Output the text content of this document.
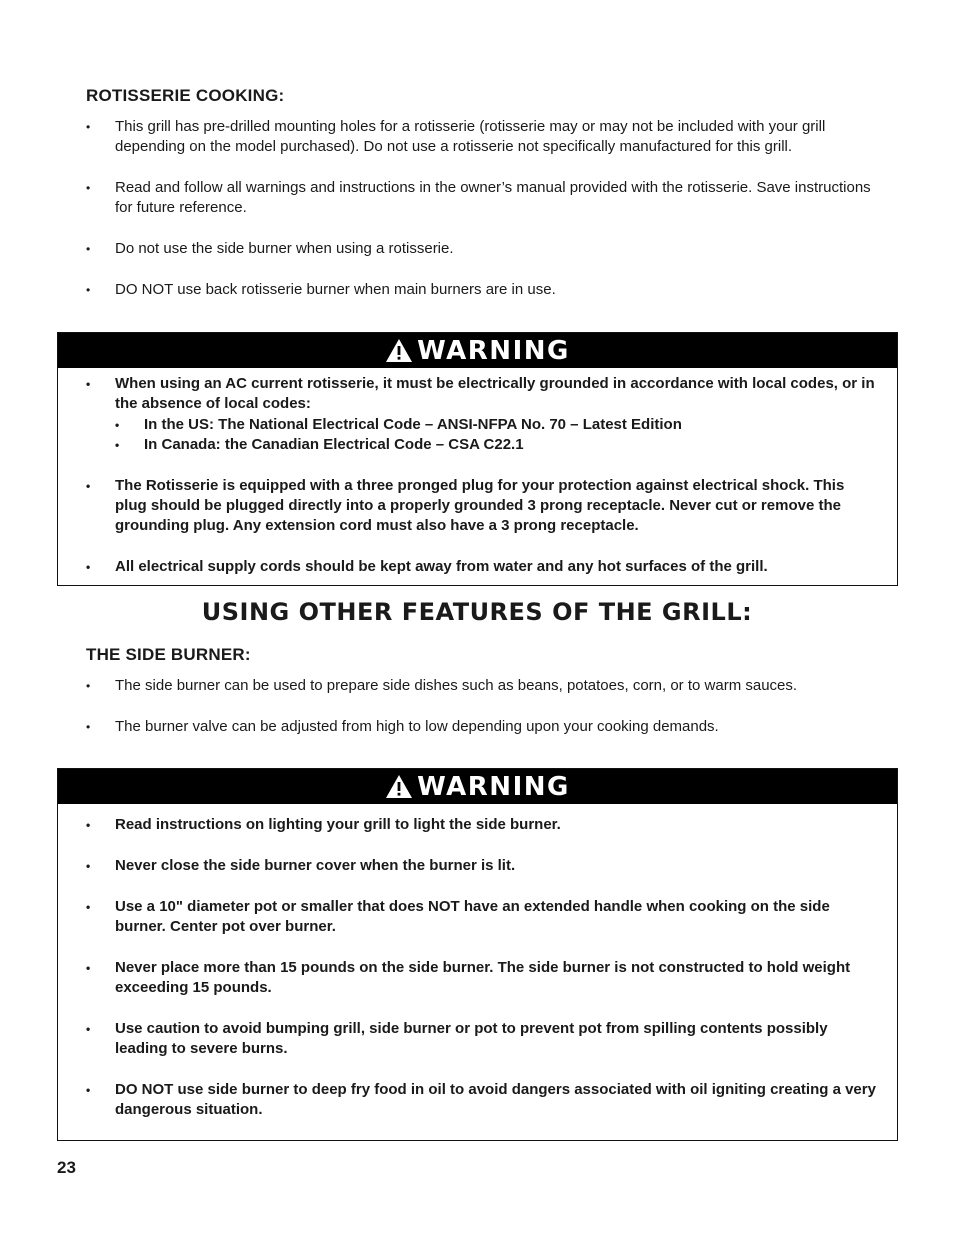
ROTISSERIE COOKING:
• This grill has pre-drilled mounting holes for a rotisserie (rotisserie may or may not be included with your grill depending on the model purchased). Do not use a rotisserie not specifically manufactured for this grill.
• Read and follow all warnings and instructions in the owner’s manual provided with the rotisserie. Save instructions for future reference.
• Do not use the side burner when using a rotisserie.
• DO NOT use back rotisserie burner when main burners are in use.
WARNING
• When using an AC current rotisserie, it must be electrically grounded in accordance with local codes, or in the absence of local codes:
• In the US: The National Electrical Code – ANSI-NFPA No. 70 – Latest Edition
• In Canada: the Canadian Electrical Code – CSA C22.1
• The Rotisserie is equipped with a three pronged plug for your protection against electrical shock. This plug should be plugged directly into a properly grounded 3 prong receptacle. Never cut or remove the grounding plug. Any extension cord must also have a 3 prong receptacle.
• All electrical supply cords should be kept away from water and any hot surfaces of the grill.
USING OTHER FEATURES OF THE GRILL:
THE SIDE BURNER:
• The side burner can be used to prepare side dishes such as beans, potatoes, corn, or to warm sauces.
• The burner valve can be adjusted from high to low depending upon your cooking demands.
WARNING
• Read instructions on lighting your grill to light the side burner.
• Never close the side burner cover when the burner is lit.
• Use a 10" diameter pot or smaller that does NOT have an extended handle when cooking on the side burner. Center pot over burner.
• Never place more than 15 pounds on the side burner. The side burner is not constructed to hold weight exceeding 15 pounds.
• Use caution to avoid bumping grill, side burner or pot to prevent pot from spilling contents possibly leading to severe burns.
• DO NOT use side burner to deep fry food in oil to avoid dangers associated with oil igniting creating a very dangerous situation.
23
